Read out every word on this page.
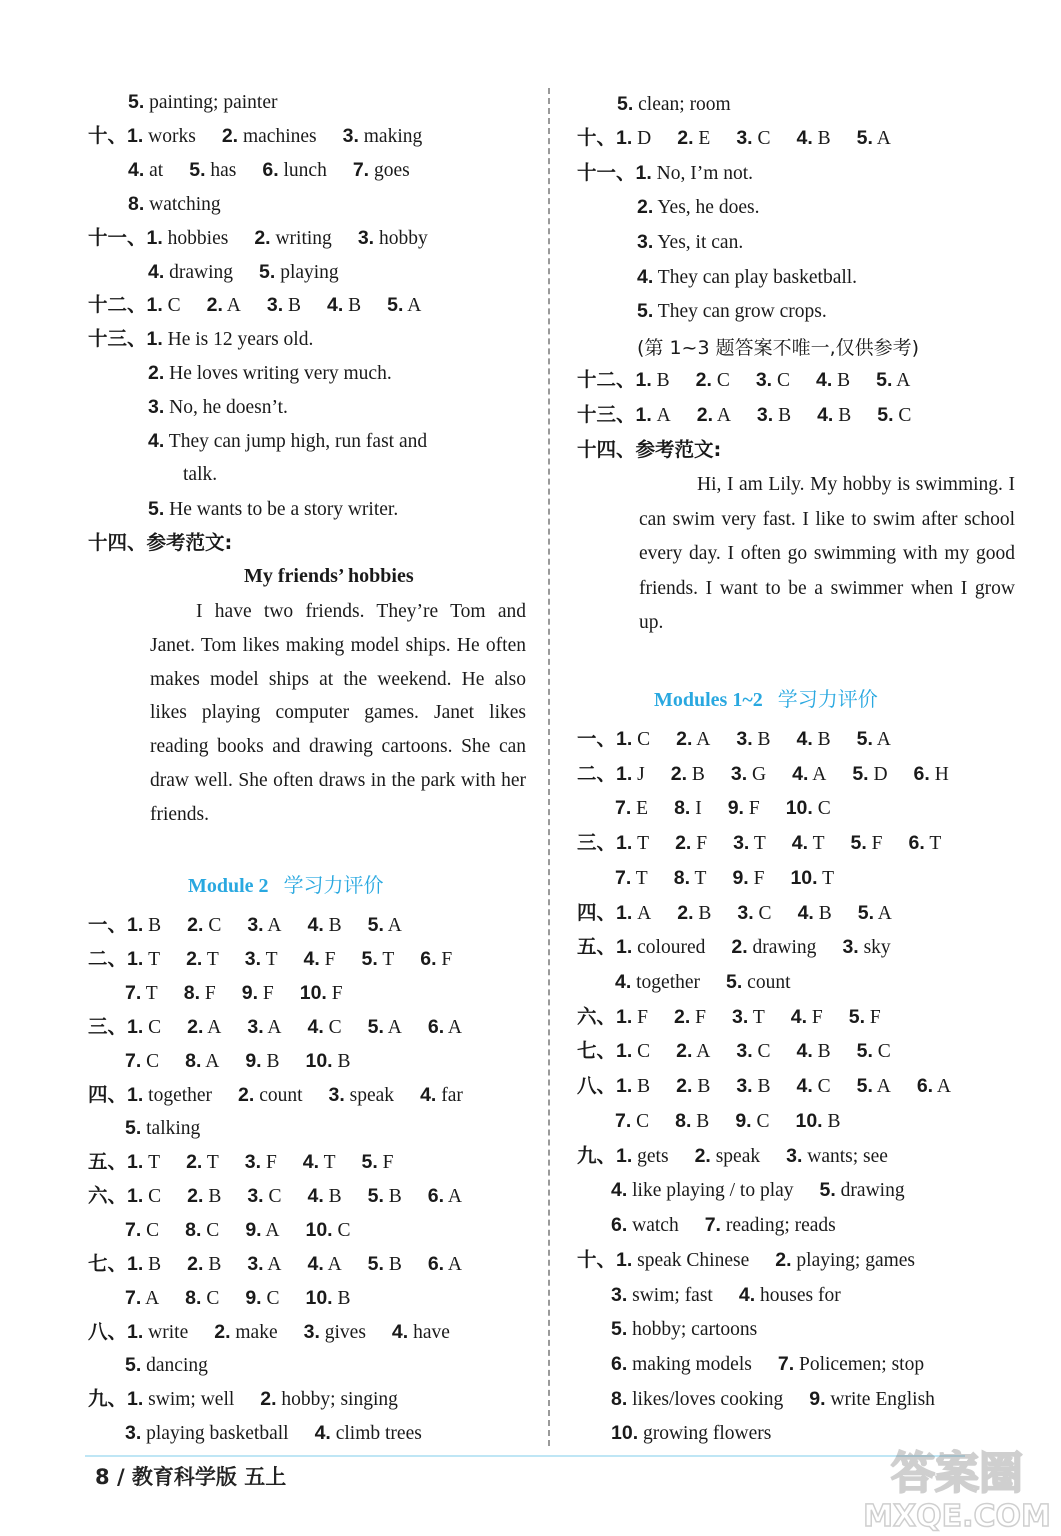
5. painting; painter
十、1. works 2. machines 3. making
4. at 5. has 6. lunch 7. goes
8. watching
十一、1. hobbies 2. writing 3. hobby
4. drawing 5. playing
十二、1. C 2. A 3. B 4. B 5. A
十三、1. He is 12 years old.
2. He loves writing very much.
3. No, he doesn’t.
4. They can jump high, run fast and
talk.
5. He wants to be a story writer.
十四、参考范文:
My friends’ hobbies
I have two friends. They’re Tom and Janet. Tom likes making model ships. He often makes model ships at the weekend. He also likes playing computer games. Janet likes reading books and drawing cartoons. She can draw well. She often draws in the park with her friends.
Module 2 学习力评价
一、1. B 2. C 3. A 4. B 5. A
二、1. T 2. T 3. T 4. F 5. T 6. F
7. T 8. F 9. F 10. F
三、1. C 2. A 3. A 4. C 5. A 6. A
7. C 8. A 9. B 10. B
四、1. together 2. count 3. speak 4. far
5. talking
五、1. T 2. T 3. F 4. T 5. F
六、1. C 2. B 3. C 4. B 5. B 6. A
7. C 8. C 9. A 10. C
七、1. B 2. B 3. A 4. A 5. B 6. A
7. A 8. C 9. C 10. B
八、1. write 2. make 3. gives 4. have
5. dancing
九、1. swim; well 2. hobby; singing
3. playing basketball 4. climb trees
5. clean; room
十、1. D 2. E 3. C 4. B 5. A
十一、1. No, I’m not.
2. Yes, he does.
3. Yes, it can.
4. They can play basketball.
5. They can grow crops.
(第 1~3 题答案不唯一,仅供参考)
十二、1. B 2. C 3. C 4. B 5. A
十三、1. A 2. A 3. B 4. B 5. C
十四、参考范文:
Hi, I am Lily. My hobby is swimming. I can swim very fast. I like to swim after school every day. I often go swimming with my good friends. I want to be a swimmer when I grow up.
Modules 1~2 学习力评价
一、1. C 2. A 3. B 4. B 5. A
二、1. J 2. B 3. G 4. A 5. D 6. H
7. E 8. I 9. F 10. C
三、1. T 2. F 3. T 4. T 5. F 6. T
7. T 8. T 9. F 10. T
四、1. A 2. B 3. C 4. B 5. A
五、1. coloured 2. drawing 3. sky
4. together 5. count
六、1. F 2. F 3. T 4. F 5. F
七、1. C 2. A 3. C 4. B 5. C
八、1. B 2. B 3. B 4. C 5. A 6. A
7. C 8. B 9. C 10. B
九、1. gets 2. speak 3. wants; see
4. like playing / to play 5. drawing
6. watch 7. reading; reads
十、1. speak Chinese 2. playing; games
3. swim; fast 4. houses for
5. hobby; cartoons
6. making models 7. Policemen; stop
8. likes/loves cooking 9. write English
10. growing flowers
8 / 教育科学版 五上	答案圈
MXQE.COM
